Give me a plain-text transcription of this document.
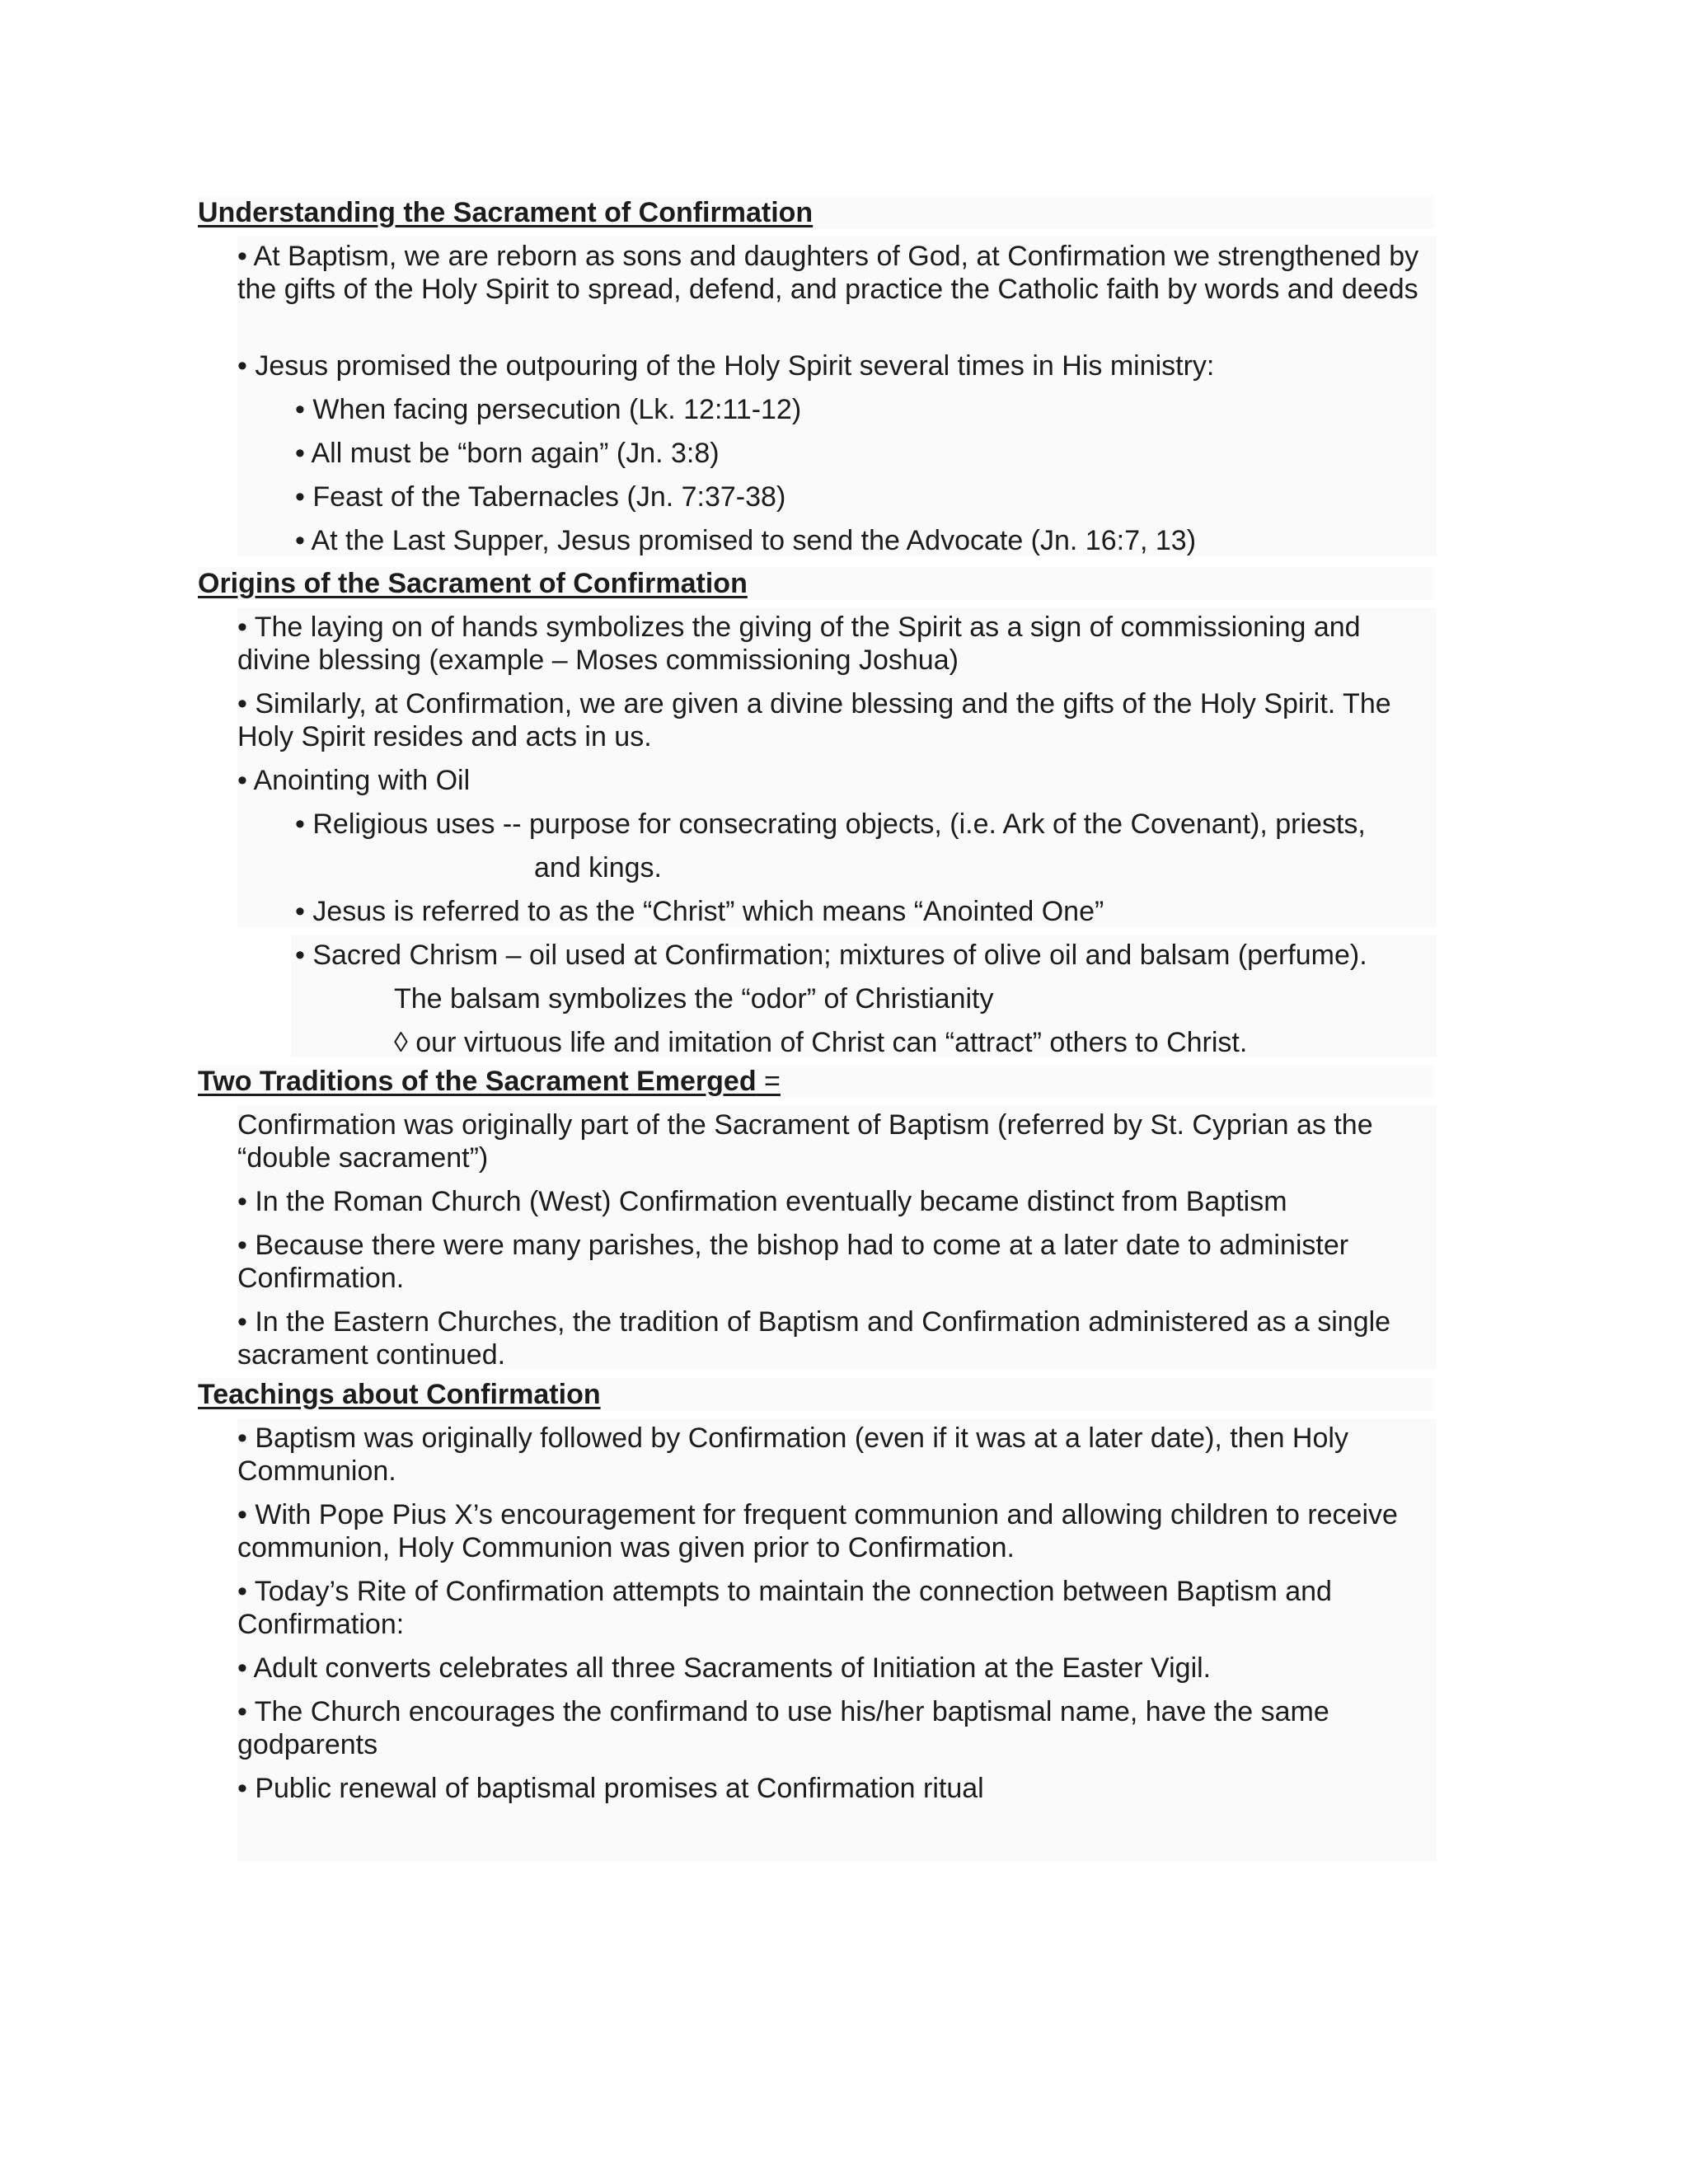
Understanding the Sacrament of Confirmation
• At Baptism, we are reborn as sons and daughters of God, at Confirmation we strengthened by the gifts of the Holy Spirit to spread, defend, and practice the Catholic faith by words and deeds
• Jesus promised the outpouring of the Holy Spirit several times in His ministry:
• When facing persecution (Lk. 12:11-12)
• All must be “born again” (Jn. 3:8)
• Feast of the Tabernacles (Jn. 7:37-38)
• At the Last Supper, Jesus promised to send the Advocate (Jn. 16:7, 13)
Origins of the Sacrament of Confirmation
• The laying on of hands symbolizes the giving of the Spirit as a sign of commissioning and divine blessing (example – Moses commissioning Joshua)
• Similarly, at Confirmation, we are given a divine blessing and the gifts of the Holy Spirit. The Holy Spirit resides and acts in us.
• Anointing with Oil
• Religious uses -- purpose for consecrating objects, (i.e. Ark of the Covenant), priests,
and kings.
• Jesus is referred to as the “Christ” which means “Anointed One”
• Sacred Chrism – oil used at Confirmation; mixtures of olive oil and balsam (perfume).
The balsam symbolizes the “odor” of Christianity
◊ our virtuous life and imitation of Christ can “attract” others to Christ.
Two Traditions of the Sacrament Emerged =
Confirmation was originally part of the Sacrament of Baptism (referred by St. Cyprian as the “double sacrament”)
• In the Roman Church (West) Confirmation eventually became distinct from Baptism
• Because there were many parishes, the bishop had to come at a later date to administer Confirmation.
• In the Eastern Churches, the tradition of Baptism and Confirmation administered as a single sacrament continued.
Teachings about Confirmation
• Baptism was originally followed by Confirmation (even if it was at a later date), then Holy Communion.
• With Pope Pius X’s encouragement for frequent communion and allowing children to receive communion, Holy Communion was given prior to Confirmation.
• Today’s Rite of Confirmation attempts to maintain the connection between Baptism and Confirmation:
• Adult converts celebrates all three Sacraments of Initiation at the Easter Vigil.
• The Church encourages the confirmand to use his/her baptismal name, have the same godparents
• Public renewal of baptismal promises at Confirmation ritual
